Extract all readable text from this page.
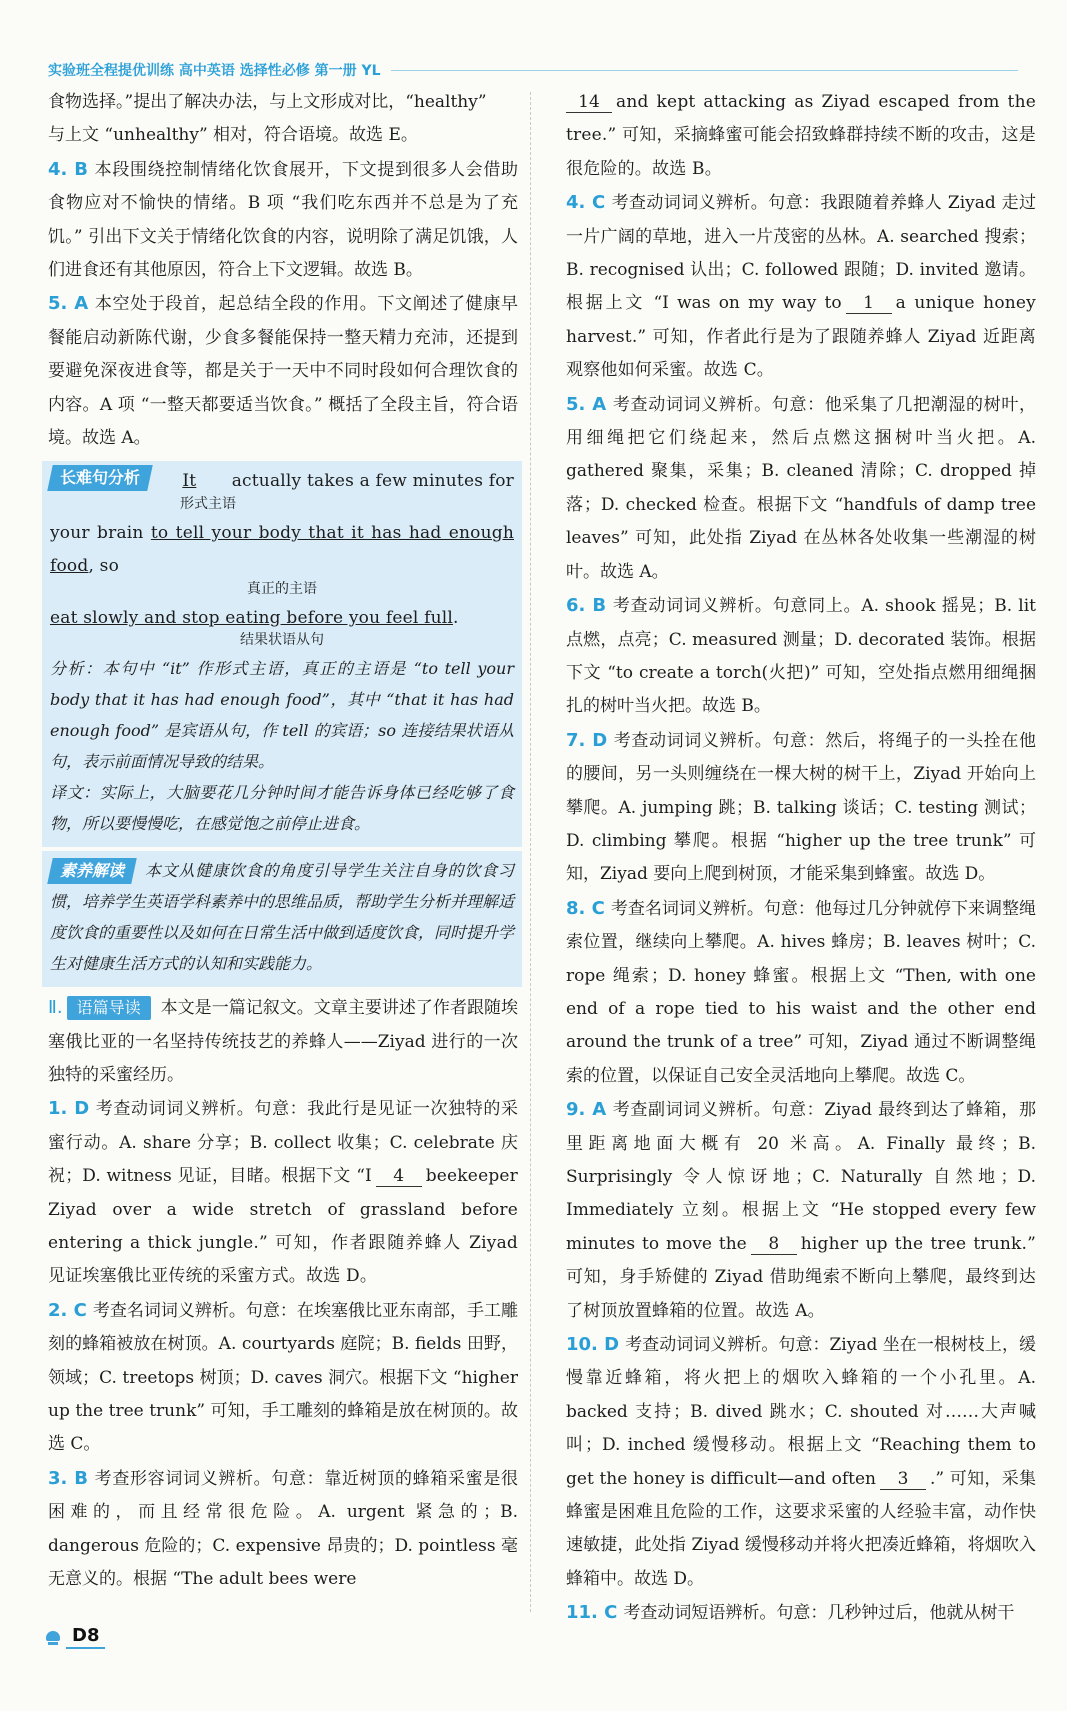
实验班全程提优训练 高中英语 选择性必修 第一册 YL

食物选择。”提出了解决办法，与上文形成对比，“healthy”

与上文 “unhealthy” 相对，符合语境。故选 E。

4. B 本段围绕控制情绪化饮食展开，下文提到很多人会借助食物应对不愉快的情绪。B 项 “我们吃东西并不总是为了充饥。” 引出下文关于情绪化饮食的内容，说明除了满足饥饿，人们进食还有其他原因，符合上下文逻辑。故选 B。

5. A 本空处于段首，起总结全段的作用。下文阐述了健康早餐能启动新陈代谢，少食多餐能保持一整天精力充沛，还提到要避免深夜进食等，都是关于一天中不同时段如何合理饮食的内容。A 项 “一整天都要适当饮食。” 概括了全段主旨，符合语境。故选 A。

长难句分析	It actually takes a few minutes for
形式主语
your brain to tell your body that it has had enough food, so
真正的主语
eat slowly and stop eating before you feel full.
结果状语从句

分析：本句中 “it” 作形式主语，真正的主语是 “to tell your body that it has had enough food”，其中 “that it has had enough food” 是宾语从句，作 tell 的宾语；so 连接结果状语从句，表示前面情况导致的结果。

译文：实际上，大脑要花几分钟时间才能告诉身体已经吃够了食物，所以要慢慢吃，在感觉饱之前停止进食。

素养解读 本文从健康饮食的角度引导学生关注自身的饮食习惯，培养学生英语学科素养中的思维品质，帮助学生分析并理解适度饮食的重要性以及如何在日常生活中做到适度饮食，同时提升学生对健康生活方式的认知和实践能力。

Ⅱ. 语篇导读 本文是一篇记叙文。文章主要讲述了作者跟随埃塞俄比亚的一名坚持传统技艺的养蜂人——Ziyad 进行的一次独特的采蜜经历。

1. D 考查动词词义辨析。句意：我此行是见证一次独特的采蜜行动。A. share 分享；B. collect 收集；C. celebrate 庆祝；D. witness 见证，目睹。根据下文 “I 4 beekeeper Ziyad over a wide stretch of grassland before entering a thick jungle.” 可知，作者跟随养蜂人 Ziyad 见证埃塞俄比亚传统的采蜜方式。故选 D。

2. C 考查名词词义辨析。句意：在埃塞俄比亚东南部，手工雕刻的蜂箱被放在树顶。A. courtyards 庭院；B. fields 田野，领域；C. treetops 树顶；D. caves 洞穴。根据下文 “higher up the tree trunk” 可知，手工雕刻的蜂箱是放在树顶的。故选 C。

3. B 考查形容词词义辨析。句意：靠近树顶的蜂箱采蜜是很困难的，而且经常很危险。A. urgent 紧急的；B. dangerous 危险的；C. expensive 昂贵的；D. pointless 毫无意义的。根据 “The adult bees were

14 and kept attacking as Ziyad escaped from the tree.” 可知，采摘蜂蜜可能会招致蜂群持续不断的攻击，这是很危险的。故选 B。

4. C 考查动词词义辨析。句意：我跟随着养蜂人 Ziyad 走过一片广阔的草地，进入一片茂密的丛林。A. searched 搜索；B. recognised 认出；C. followed 跟随；D. invited 邀请。根据上文 “I was on my way to 1 a unique honey harvest.” 可知，作者此行是为了跟随养蜂人 Ziyad 近距离观察他如何采蜜。故选 C。

5. A 考查动词词义辨析。句意：他采集了几把潮湿的树叶，用细绳把它们绕起来，然后点燃这捆树叶当火把。A. gathered 聚集，采集；B. cleaned 清除；C. dropped 掉落；D. checked 检查。根据下文 “handfuls of damp tree leaves” 可知，此处指 Ziyad 在丛林各处收集一些潮湿的树叶。故选 A。

6. B 考查动词词义辨析。句意同上。A. shook 摇晃；B. lit 点燃，点亮；C. measured 测量；D. decorated 装饰。根据下文 “to create a torch(火把)” 可知，空处指点燃用细绳捆扎的树叶当火把。故选 B。

7. D 考查动词词义辨析。句意：然后，将绳子的一头拴在他的腰间，另一头则缠绕在一棵大树的树干上，Ziyad 开始向上攀爬。A. jumping 跳；B. talking 谈话；C. testing 测试；D. climbing 攀爬。根据 “higher up the tree trunk” 可知，Ziyad 要向上爬到树顶，才能采集到蜂蜜。故选 D。

8. C 考查名词词义辨析。句意：他每过几分钟就停下来调整绳索位置，继续向上攀爬。A. hives 蜂房；B. leaves 树叶；C. rope 绳索；D. honey 蜂蜜。根据上文 “Then, with one end of a rope tied to his waist and the other end around the trunk of a tree” 可知，Ziyad 通过不断调整绳索的位置，以保证自己安全灵活地向上攀爬。故选 C。

9. A 考查副词词义辨析。句意：Ziyad 最终到达了蜂箱，那里距离地面大概有 20 米高。A. Finally 最终；B. Surprisingly 令人惊讶地；C. Naturally 自然地；D. Immediately 立刻。根据上文 “He stopped every few minutes to move the 8 higher up the tree trunk.” 可知，身手矫健的 Ziyad 借助绳索不断向上攀爬，最终到达了树顶放置蜂箱的位置。故选 A。

10. D 考查动词词义辨析。句意：Ziyad 坐在一根树枝上，缓慢靠近蜂箱，将火把上的烟吹入蜂箱的一个小孔里。A. backed 支持；B. dived 跳水；C. shouted 对……大声喊叫；D. inched 缓慢移动。根据上文 “Reaching them to get the honey is difficult—and often 3 .” 可知，采集蜂蜜是困难且危险的工作，这要求采蜜的人经验丰富，动作快速敏捷，此处指 Ziyad 缓慢移动并将火把凑近蜂箱，将烟吹入蜂箱中。故选 D。

11. C 考查动词短语辨析。句意：几秒钟过后，他就从树干

D8
